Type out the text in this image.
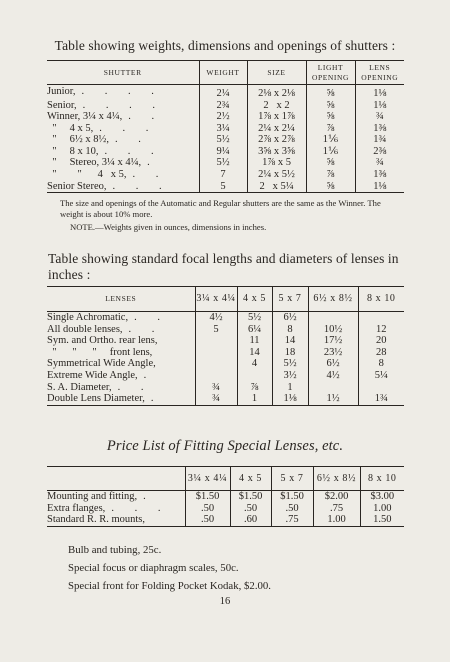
Table showing weights, dimensions and openings of shutters :
SHUTTER	WEIGHT	SIZE	LIGHT OPENING	LENS OPENING
Junior, . . . .	2¼	2⅛ x 2⅛	⅝	1⅛
Senior, . . . .	2¾	2   x 2	⅝	1⅛
Winner, 3¼ x 4¼, . .	2½	1⅞ x 1⅞	⅝	¾
"     4 x 5, . . .	3¼	2¼ x 2¼	⅞	1⅜
"     6½ x 8½, . .	5½	2⅞ x 2⅞	1⅙	1¾
"     8 x 10, . . .	9¼	3⅝ x 3⅝	1⅙	2⅜
"     Stereo, 3¼ x 4¼, .	5½	1⅞ x 5	⅝	¾
"        "      4   x 5, . .	7	2¼ x 5½	⅞	1⅜
Senior Stereo, . . .	5	2   x 5¼	⅝	1⅛
The size and openings of the Automatic and Regular shutters are the same as the Winner. The weight is about 10% more.
NOTE.—Weights given in ounces, dimensions in inches.
Table showing standard focal lengths and diameters of lenses in inches :
LENSES	3¼ x 4¼	4 x 5	5 x 7	6½ x 8½	8 x 10
Single Achromatic, . .	4½	5½	6½		
All double lenses, . .	5	6¼	8	10½	12
Sym. and Ortho. rear lens,		11	14	17½	20
"      "      "     front lens,		14	18	23½	28
Symmetrical Wide Angle,		4	5½	6½	8
Extreme Wide Angle, .			3½	4½	5¼
S. A. Diameter, . .	¾	⅞	1		
Double Lens Diameter, .	¾	1	1⅛	1½	1¾
Price List of Fitting Special Lenses, etc.
	3¼ x 4¼	4 x 5	5 x 7	6½ x 8½	8 x 10
Mounting and fitting, .	$1.50	$1.50	$1.50	$2.00	$3.00
Extra flanges, . . .	.50	.50	.50	.75	1.00
Standard R. R. mounts,	.50	.60	.75	1.00	1.50
Bulb and tubing, 25c.
Special focus or diaphragm scales, 50c.
Special front for Folding Pocket Kodak, $2.00.
16
